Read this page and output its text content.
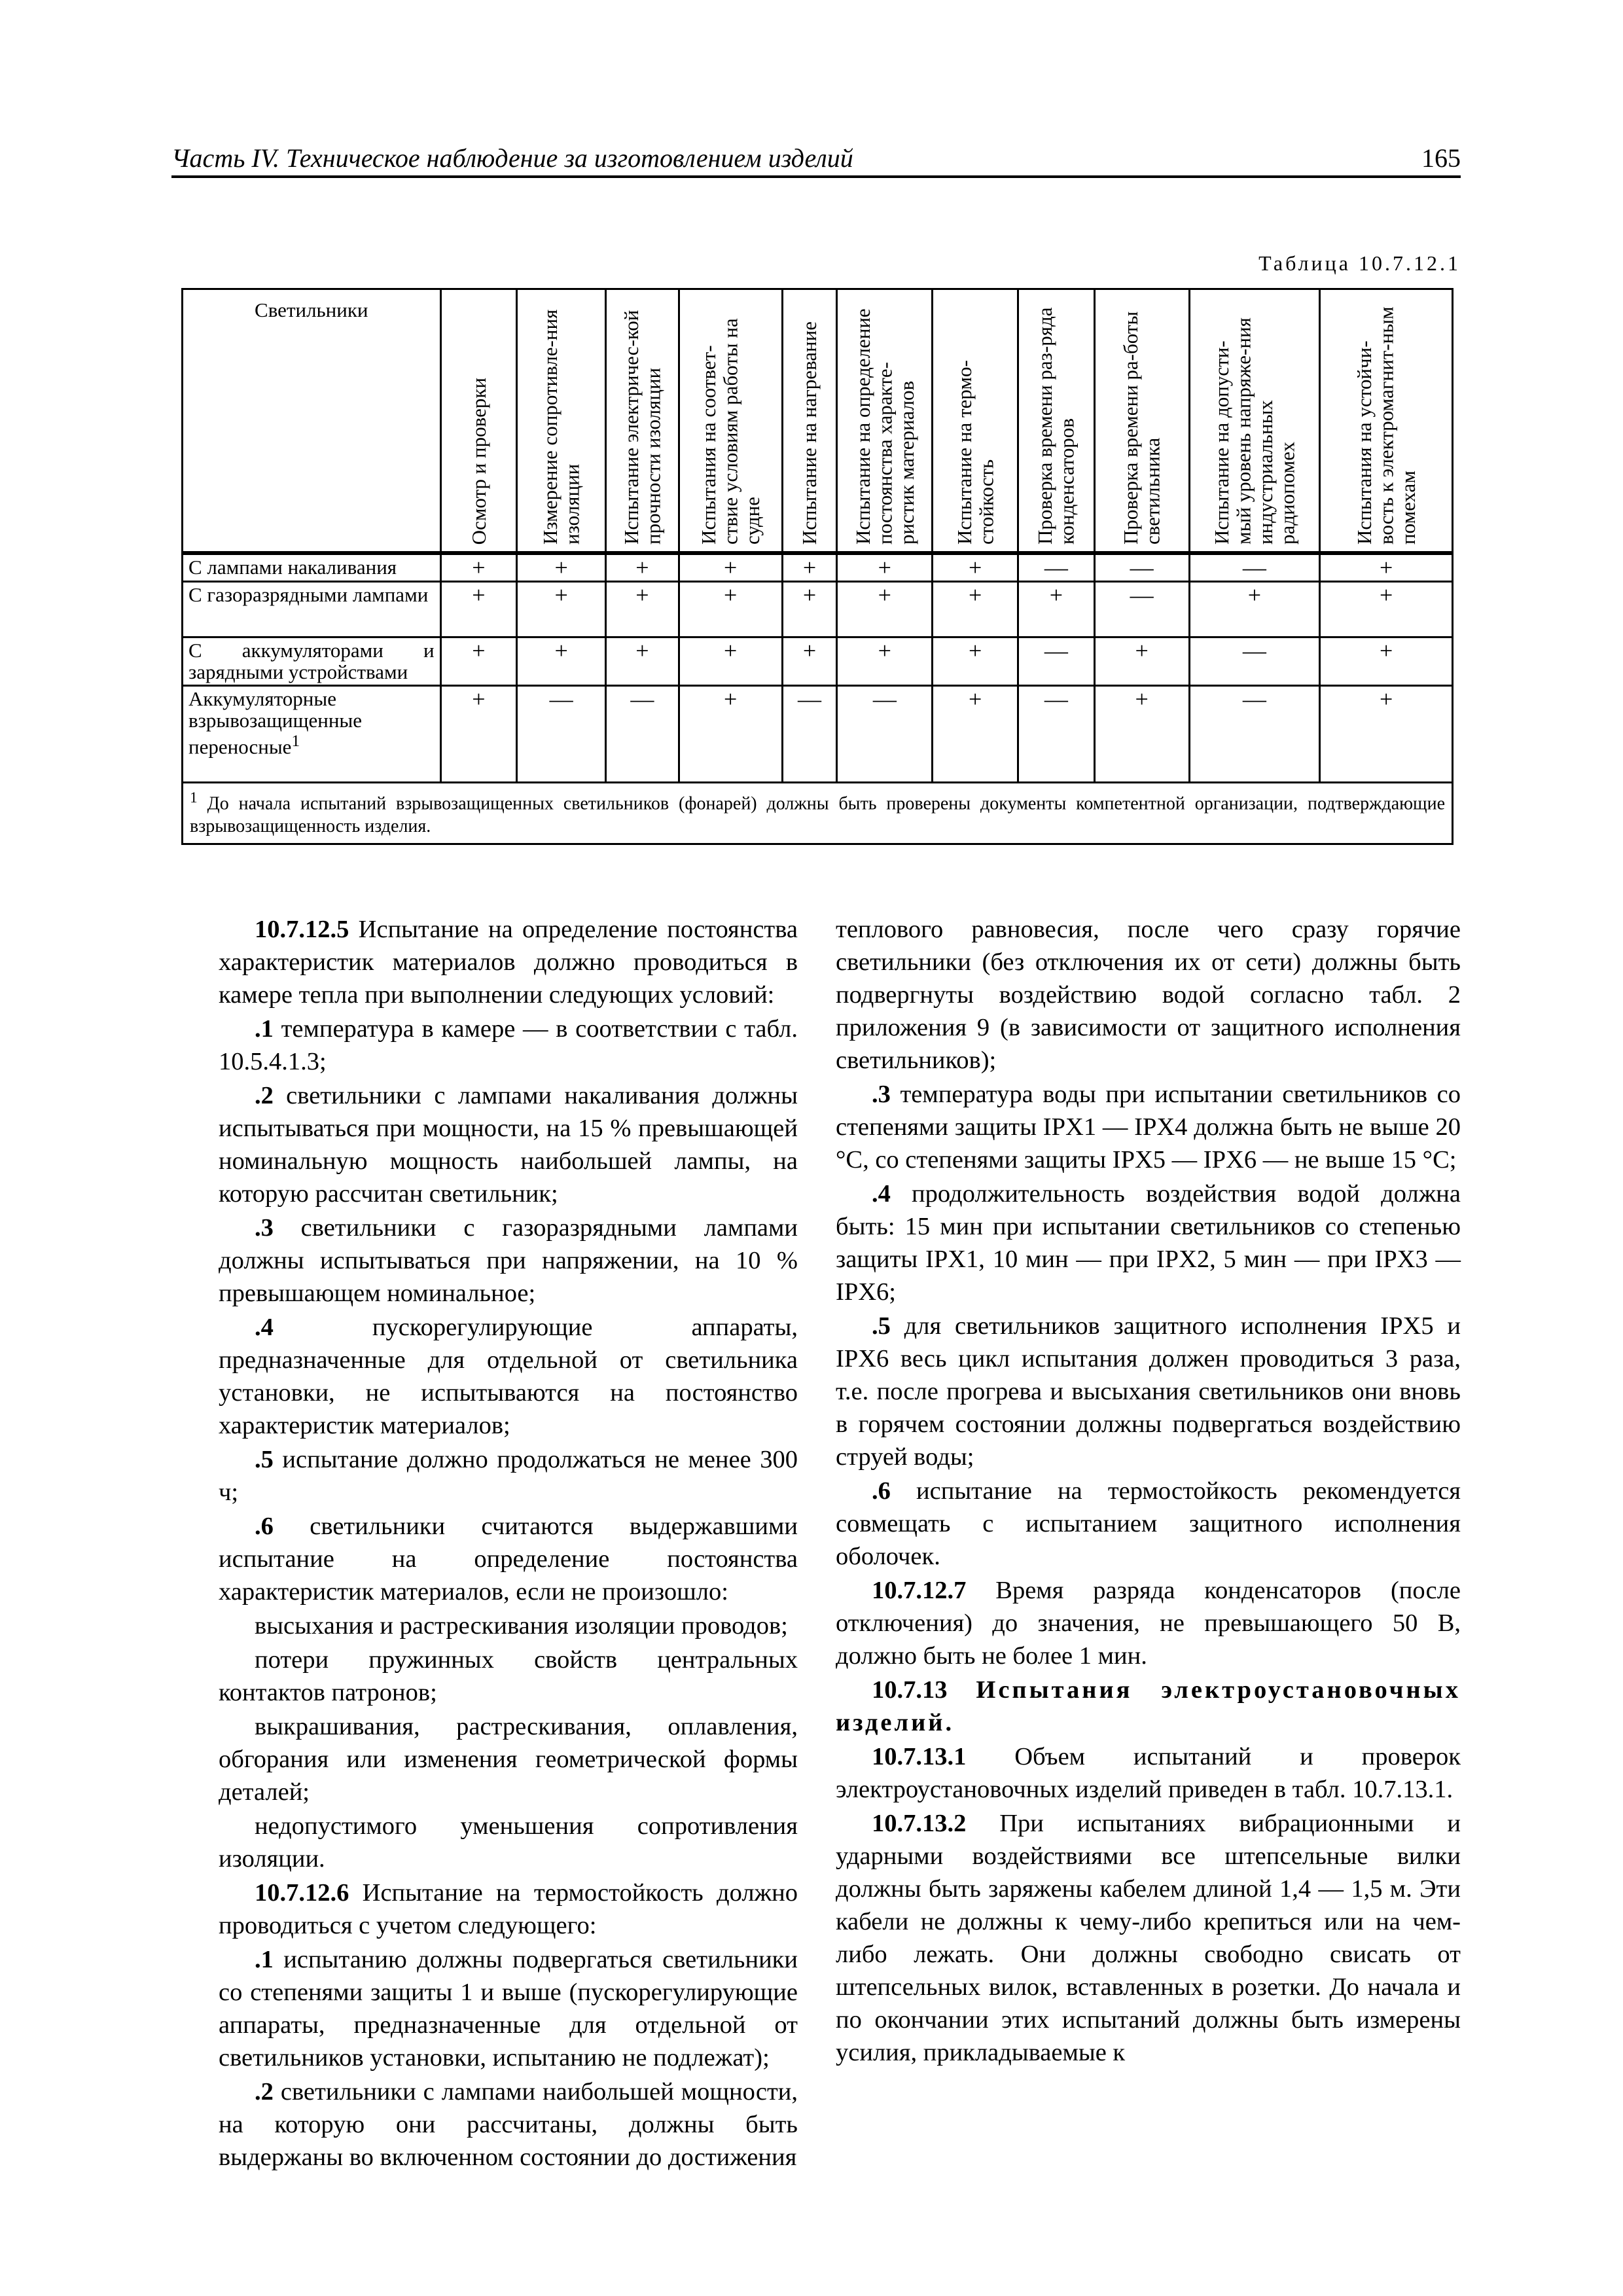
Часть IV. Техническое наблюдение за изготовлением изделий	165
Таблица 10.7.12.1
Светильники	Осмотр и проверки	Измерение сопротивле-ния изоляции	Испытание электричес-кой прочности изоляции	Испытания на соответ-ствие условиям работы на судне	Испытание на нагревание	Испытание на определение постоянства характе-ристик материалов	Испытание на термо-стойкость	Проверка времени раз-ряда конденсаторов	Проверка времени ра-боты светильника	Испытание на допусти-мый уровень напряже-ния индустриальных радиопомех	Испытания на устойчи-вость к электромагнит-ным помехам

С лампами накаливания	+	+	+	+	+	+	+	—	—	—	+
С газоразрядными лампами	+	+	+	+	+	+	+	+	—	+	+
С аккумуляторами и зарядными устройствами	+	+	+	+	+	+	+	—	+	—	+
Аккумуляторные взрывозащищенные переносные$^1$	+	—	—	+	—	—	+	—	+	—	+
$^1$ До начала испытаний взрывозащищенных светильников (фонарей) должны быть проверены документы компетентной организации, подтверждающие взрывозащищенность изделия.											

10.7.12.5 Испытание на определение постоянства характеристик материалов должно проводиться в камере тепла при выполнении следующих условий:

.1 температура в камере — в соответствии с табл. 10.5.4.1.3;

.2 светильники с лампами накаливания должны испытываться при мощности, на 15 % превышающей номинальную мощность наибольшей лампы, на которую рассчитан светильник;

.3 светильники с газоразрядными лампами должны испытываться при напряжении, на 10 % превышающем номинальное;

.4 пускорегулирующие аппараты, предназначенные для отдельной от светильника установки, не испытываются на постоянство характеристик материалов;

.5 испытание должно продолжаться не менее 300 ч;

.6 светильники считаются выдержавшими испытание на определение постоянства характеристик материалов, если не произошло:

высыхания и растрескивания изоляции проводов;

потери пружинных свойств центральных контактов патронов;

выкрашивания, растрескивания, оплавления, обгорания или изменения геометрической формы деталей;

недопустимого уменьшения сопротивления изоляции.

10.7.12.6 Испытание на термостойкость должно проводиться с учетом следующего:

.1 испытанию должны подвергаться светильники со степенями защиты 1 и выше (пускорегулирующие аппараты, предназначенные для отдельной от светильников установки, испытанию не подлежат);

.2 светильники с лампами наибольшей мощности, на которую они рассчитаны, должны быть выдержаны во включенном состоянии до достижения

теплового равновесия, после чего сразу горячие светильники (без отключения их от сети) должны быть подвергнуты воздействию водой согласно табл. 2 приложения 9 (в зависимости от защитного исполнения светильников);

.3 температура воды при испытании светильников со степенями защиты IPX1 — IPX4 должна быть не выше 20 °С, со степенями защиты IPX5 — IPX6 — не выше 15 °С;

.4 продолжительность воздействия водой должна быть: 15 мин при испытании светильников со степенью защиты IPX1, 10 мин — при IPX2, 5 мин — при IPX3 — IPX6;

.5 для светильников защитного исполнения IPX5 и IPX6 весь цикл испытания должен проводиться 3 раза, т.е. после прогрева и высыхания светильников они вновь в горячем состоянии должны подвергаться воздействию струей воды;

.6 испытание на термостойкость рекомендуется совмещать с испытанием защитного исполнения оболочек.

10.7.12.7 Время разряда конденсаторов (после отключения) до значения, не превышающего 50 В, должно быть не более 1 мин.

10.7.13 Испытания электроустановочных изделий.

10.7.13.1 Объем испытаний и проверок электроустановочных изделий приведен в табл. 10.7.13.1.

10.7.13.2 При испытаниях вибрационными и ударными воздействиями все штепсельные вилки должны быть заряжены кабелем длиной 1,4 — 1,5 м. Эти кабели не должны к чему-либо крепиться или на чем-либо лежать. Они должны свободно свисать от штепсельных вилок, вставленных в розетки. До начала и по окончании этих испытаний должны быть измерены усилия, прикладываемые к
